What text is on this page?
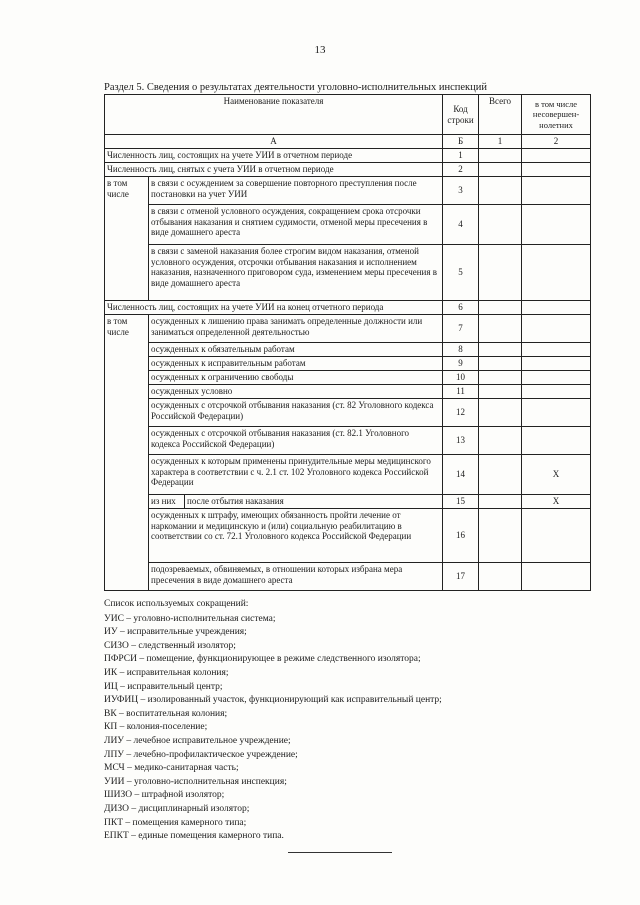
13
Раздел 5. Сведения о результатах деятельности уголовно-исполнительных инспекций
Наименование показателя			Код строки	Всего	в том числе несовершен-нолетних
А			Б	1	2
Численность лиц, состоящих на учете УИИ в отчетном периоде			1		
Численность лиц, снятых с учета УИИ в отчетном периоде			2		
в том числе	в связи с осуждением за совершение повторного преступления после постановки на учет УИИ		3		
	в связи с отменой условного осуждения, сокращением срока отсрочки отбывания наказания и снятием судимости, отменой меры пресечения в виде домашнего ареста		4		
	в связи с заменой наказания более строгим видом наказания, отменой условного осуждения, отсрочки отбывания наказания и исполнением наказания, назначенного приговором суда, изменением меры пресечения в виде домашнего ареста		5		
Численность лиц, состоящих на учете УИИ на конец отчетного периода			6		
в том числе	осужденных к лишению права занимать определенные должности или заниматься определенной деятельностью		7		
	осужденных к обязательным работам		8		
	осужденных к исправительным работам		9		
	осужденных к ограничению свободы		10		
	осужденных условно		11		
	осужденных с отсрочкой отбывания наказания (ст. 82 Уголовного кодекса Российской Федерации)		12		
	осужденных с отсрочкой отбывания наказания (ст. 82.1 Уголовного кодекса Российской Федерации)		13		
	осужденных к которым применены принудительные меры медицинского характера в соответствии с ч. 2.1 ст. 102 Уголовного кодекса Российской Федерации		14		X
	из них	после отбытия наказания	15		X
	осужденных к штрафу, имеющих обязанность пройти лечение от наркомании и медицинскую и (или) социальную реабилитацию в соответствии со ст. 72.1 Уголовного кодекса Российской Федерации		16		
	подозреваемых, обвиняемых, в отношении которых избрана мера пресечения в виде домашнего ареста		17		
Список используемых сокращений:
УИС – уголовно-исполнительная система;
ИУ – исправительные учреждения;
СИЗО – следственный изолятор;
ПФРСИ – помещение, функционирующее в режиме следственного изолятора;
ИК – исправительная колония;
ИЦ – исправительный центр;
ИУФИЦ – изолированный участок, функционирующий как исправительный центр;
ВК – воспитательная колония;
КП – колония-поселение;
ЛИУ – лечебное исправительное учреждение;
ЛПУ – лечебно-профилактическое учреждение;
МСЧ – медико-санитарная часть;
УИИ – уголовно-исполнительная инспекция;
ШИЗО – штрафной изолятор;
ДИЗО – дисциплинарный изолятор;
ПКТ – помещения камерного типа;
ЕПКТ – единые помещения камерного типа.
